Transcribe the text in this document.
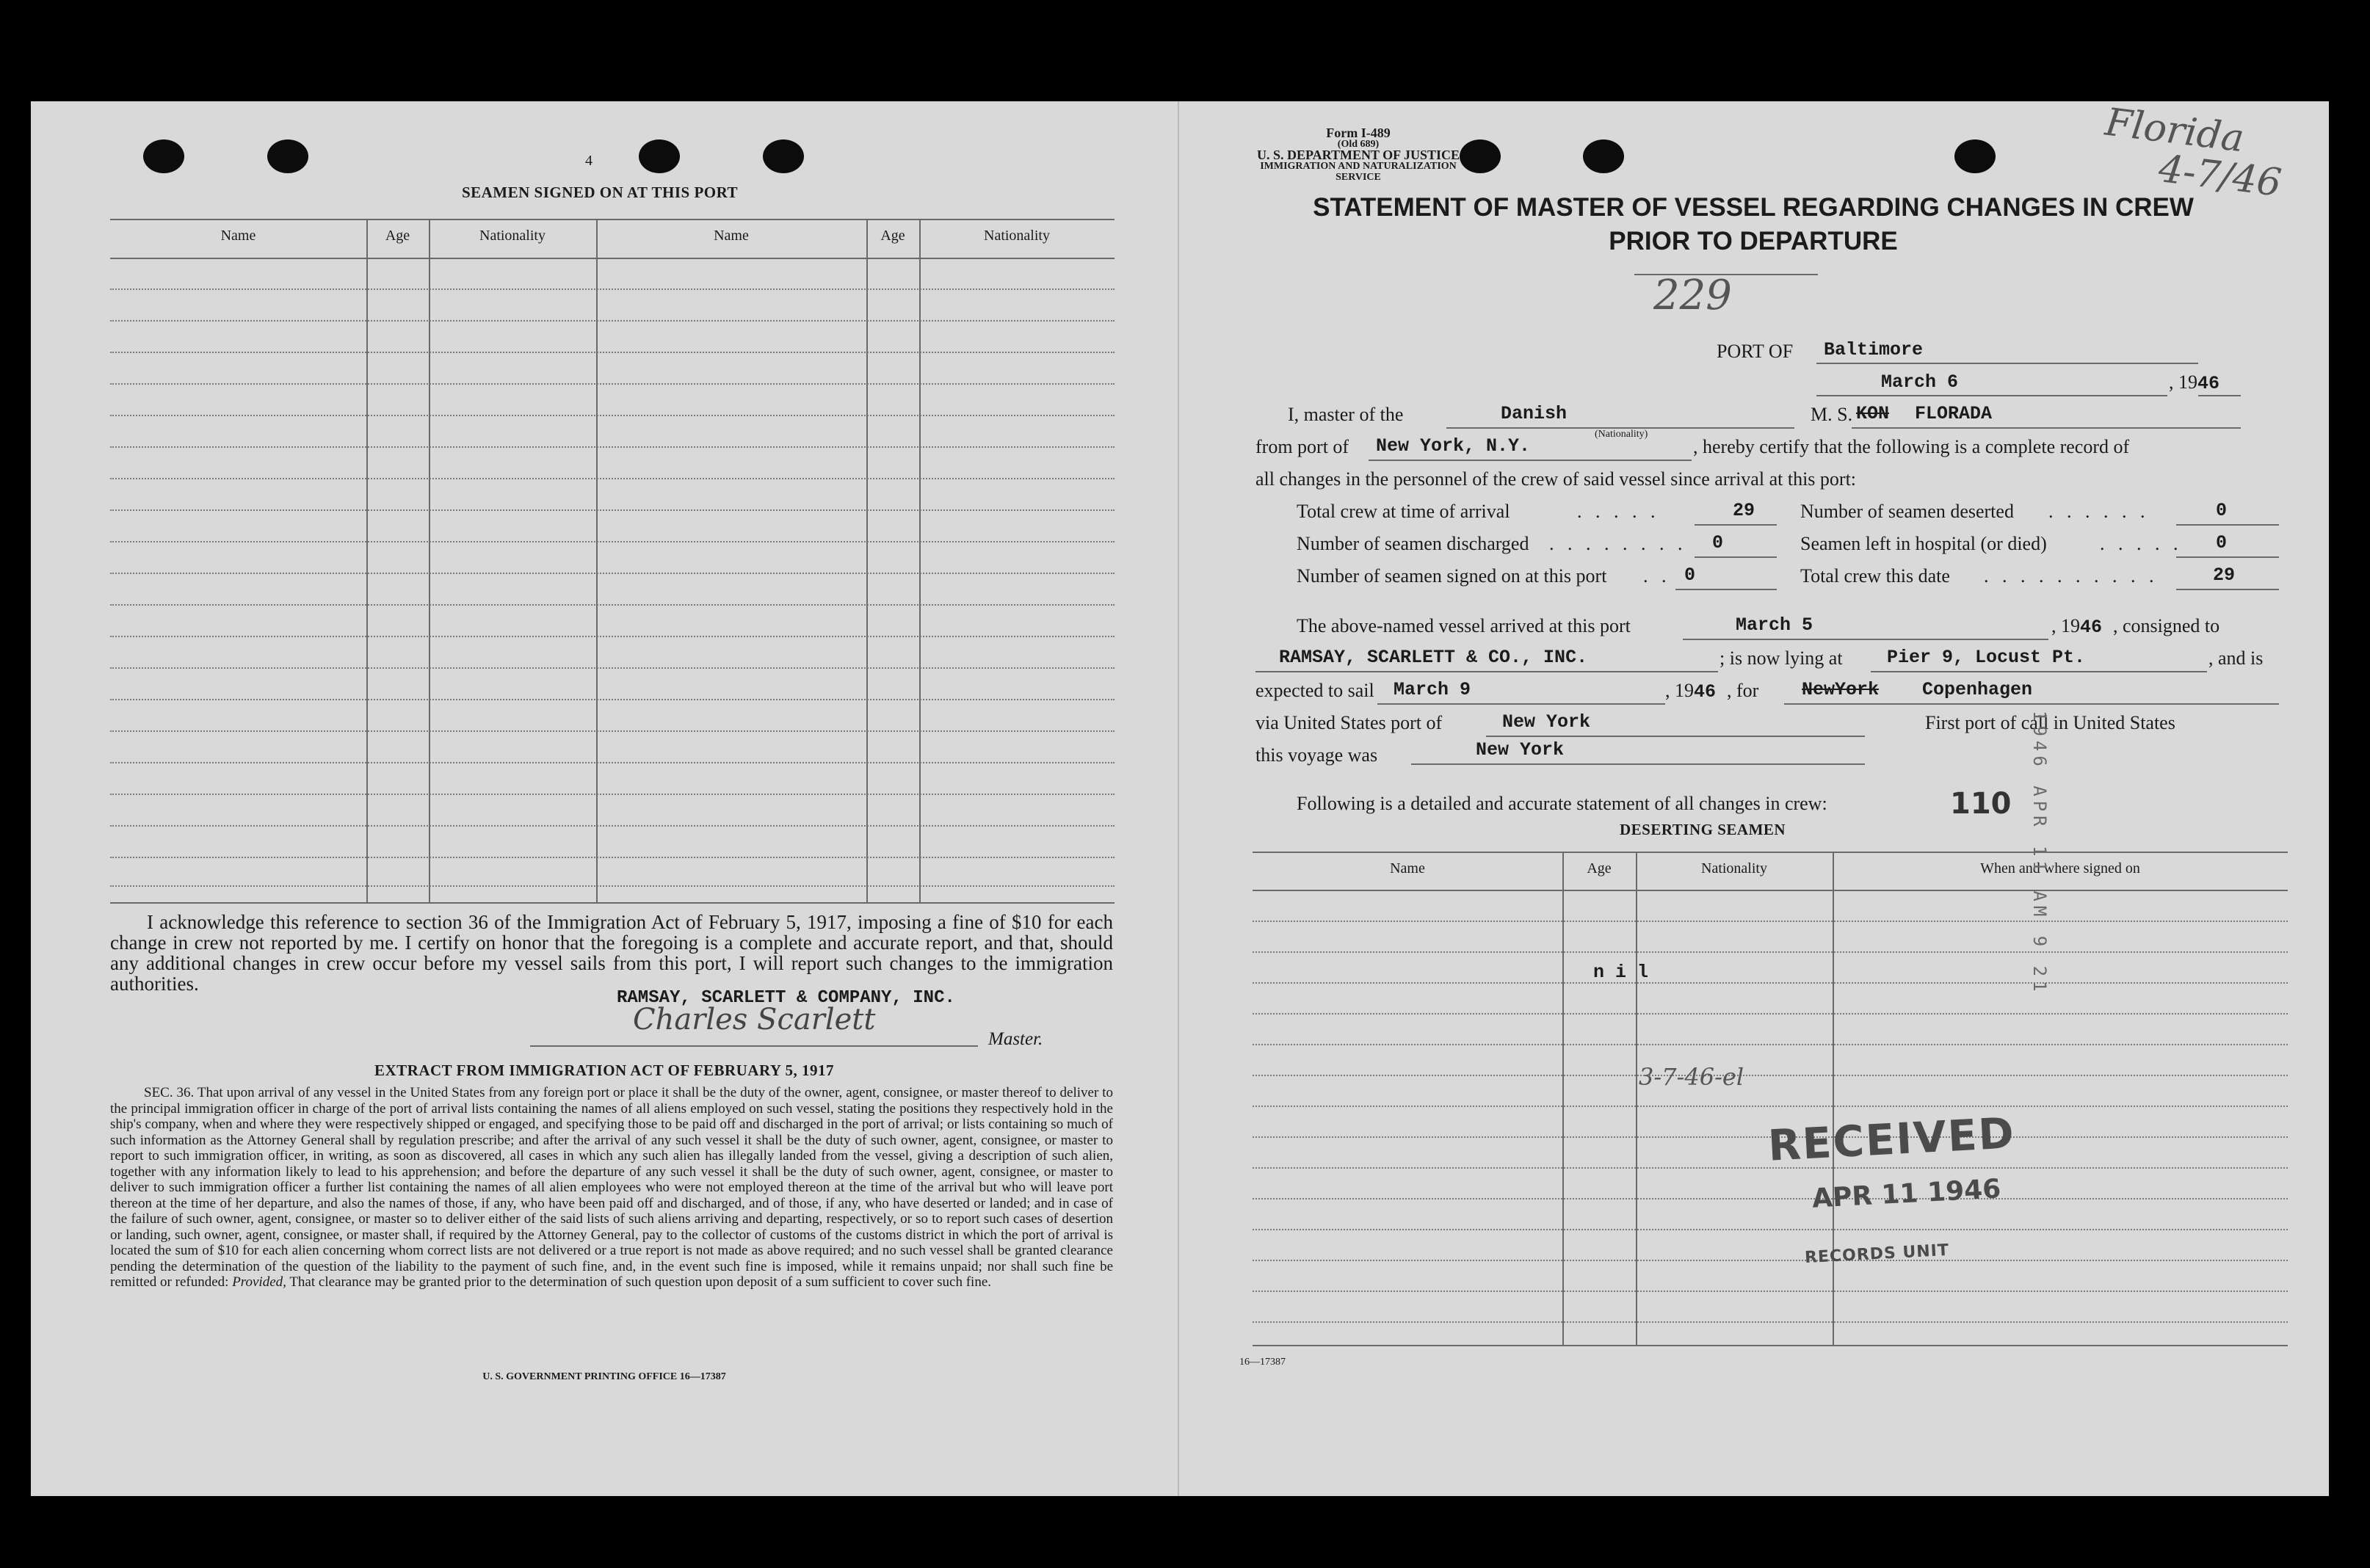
4
SEAMEN SIGNED ON AT THIS PORT
Name	Age	Nationality	Name	Age	Nationality
I acknowledge this reference to section 36 of the Immigration Act of February 5, 1917, imposing a fine of $10 for each change in crew not reported by me. I certify on honor that the foregoing is a complete and accurate report, and that, should any additional changes in crew occur before my vessel sails from this port, I will report such changes to the immigration authorities.
RAMSAY, SCARLETT & COMPANY, INC.
Charles Scarlett
Master.
EXTRACT FROM IMMIGRATION ACT OF FEBRUARY 5, 1917
SEC. 36. That upon arrival of any vessel in the United States from any foreign port or place it shall be the duty of the owner, agent, consignee, or master thereof to deliver to the principal immigration officer in charge of the port of arrival lists containing the names of all aliens employed on such vessel, stating the positions they respectively hold in the ship's company, when and where they were respectively shipped or engaged, and specifying those to be paid off and discharged in the port of arrival; or lists containing so much of such information as the Attorney General shall by regulation prescribe; and after the arrival of any such vessel it shall be the duty of such owner, agent, consignee, or master to report to such immigration officer, in writing, as soon as discovered, all cases in which any such alien has illegally landed from the vessel, giving a description of such alien, together with any information likely to lead to his apprehension; and before the departure of any such vessel it shall be the duty of such owner, agent, consignee, or master to deliver to such immigration officer a further list containing the names of all alien employees who were not employed thereon at the time of the arrival but who will leave port thereon at the time of her departure, and also the names of those, if any, who have been paid off and discharged, and of those, if any, who have deserted or landed; and in case of the failure of such owner, agent, consignee, or master so to deliver either of the said lists of such aliens arriving and departing, respectively, or so to report such cases of desertion or landing, such owner, agent, consignee, or master shall, if required by the Attorney General, pay to the collector of customs of the customs district in which the port of arrival is located the sum of $10 for each alien concerning whom correct lists are not delivered or a true report is not made as above required; and no such vessel shall be granted clearance pending the determination of the question of the liability to the payment of such fine, and, in the event such fine is imposed, while it remains unpaid; nor shall such fine be remitted or refunded: Provided, That clearance may be granted prior to the determination of such question upon deposit of a sum sufficient to cover such fine.
U. S. GOVERNMENT PRINTING OFFICE 16—17387
Form I-489
(Old 689)
U. S. DEPARTMENT OF JUSTICE
IMMIGRATION AND NATURALIZATION SERVICE
Florida
4-7/46
STATEMENT OF MASTER OF VESSEL REGARDING CHANGES IN CREW
PRIOR TO DEPARTURE
229
PORT OF Baltimore
March 6	, 1946
I, master of the	Danish
(Nationality)
M. S. KON FLORADA
from port of New York, N.Y.	, hereby certify that the following is a complete record of
all changes in the personnel of the crew of said vessel since arrival at this port:
Total crew at time of arrival	. . . . .	29 Number of seamen deserted . . . . . .	0
Number of seamen discharged . . . . . . . . 0	Seamen left in hospital (or died)	. . . . . 0
Number of seamen signed on at this port . . 0	Total crew this date . . . . . . . . . .	29
The above-named vessel arrived at this port	March 5	, 1946 , consigned to
RAMSAY, SCARLETT & CO., INC.	; is now lying at Pier 9, Locust Pt.	, and is
expected to sail March 9	, 1946 , for NewYork Copenhagen
via United States port of	New York	First port of call in United States
this voyage was	New York
Following is a detailed and accurate statement of all changes in crew:	110
DESERTING SEAMEN
Name	Age	Nationality	When and where signed on
n i l
3-7-46-el
RECEIVED
APR 11 1946
RECORDS UNIT
1946 APR 11 AM 9 21
16—17387
